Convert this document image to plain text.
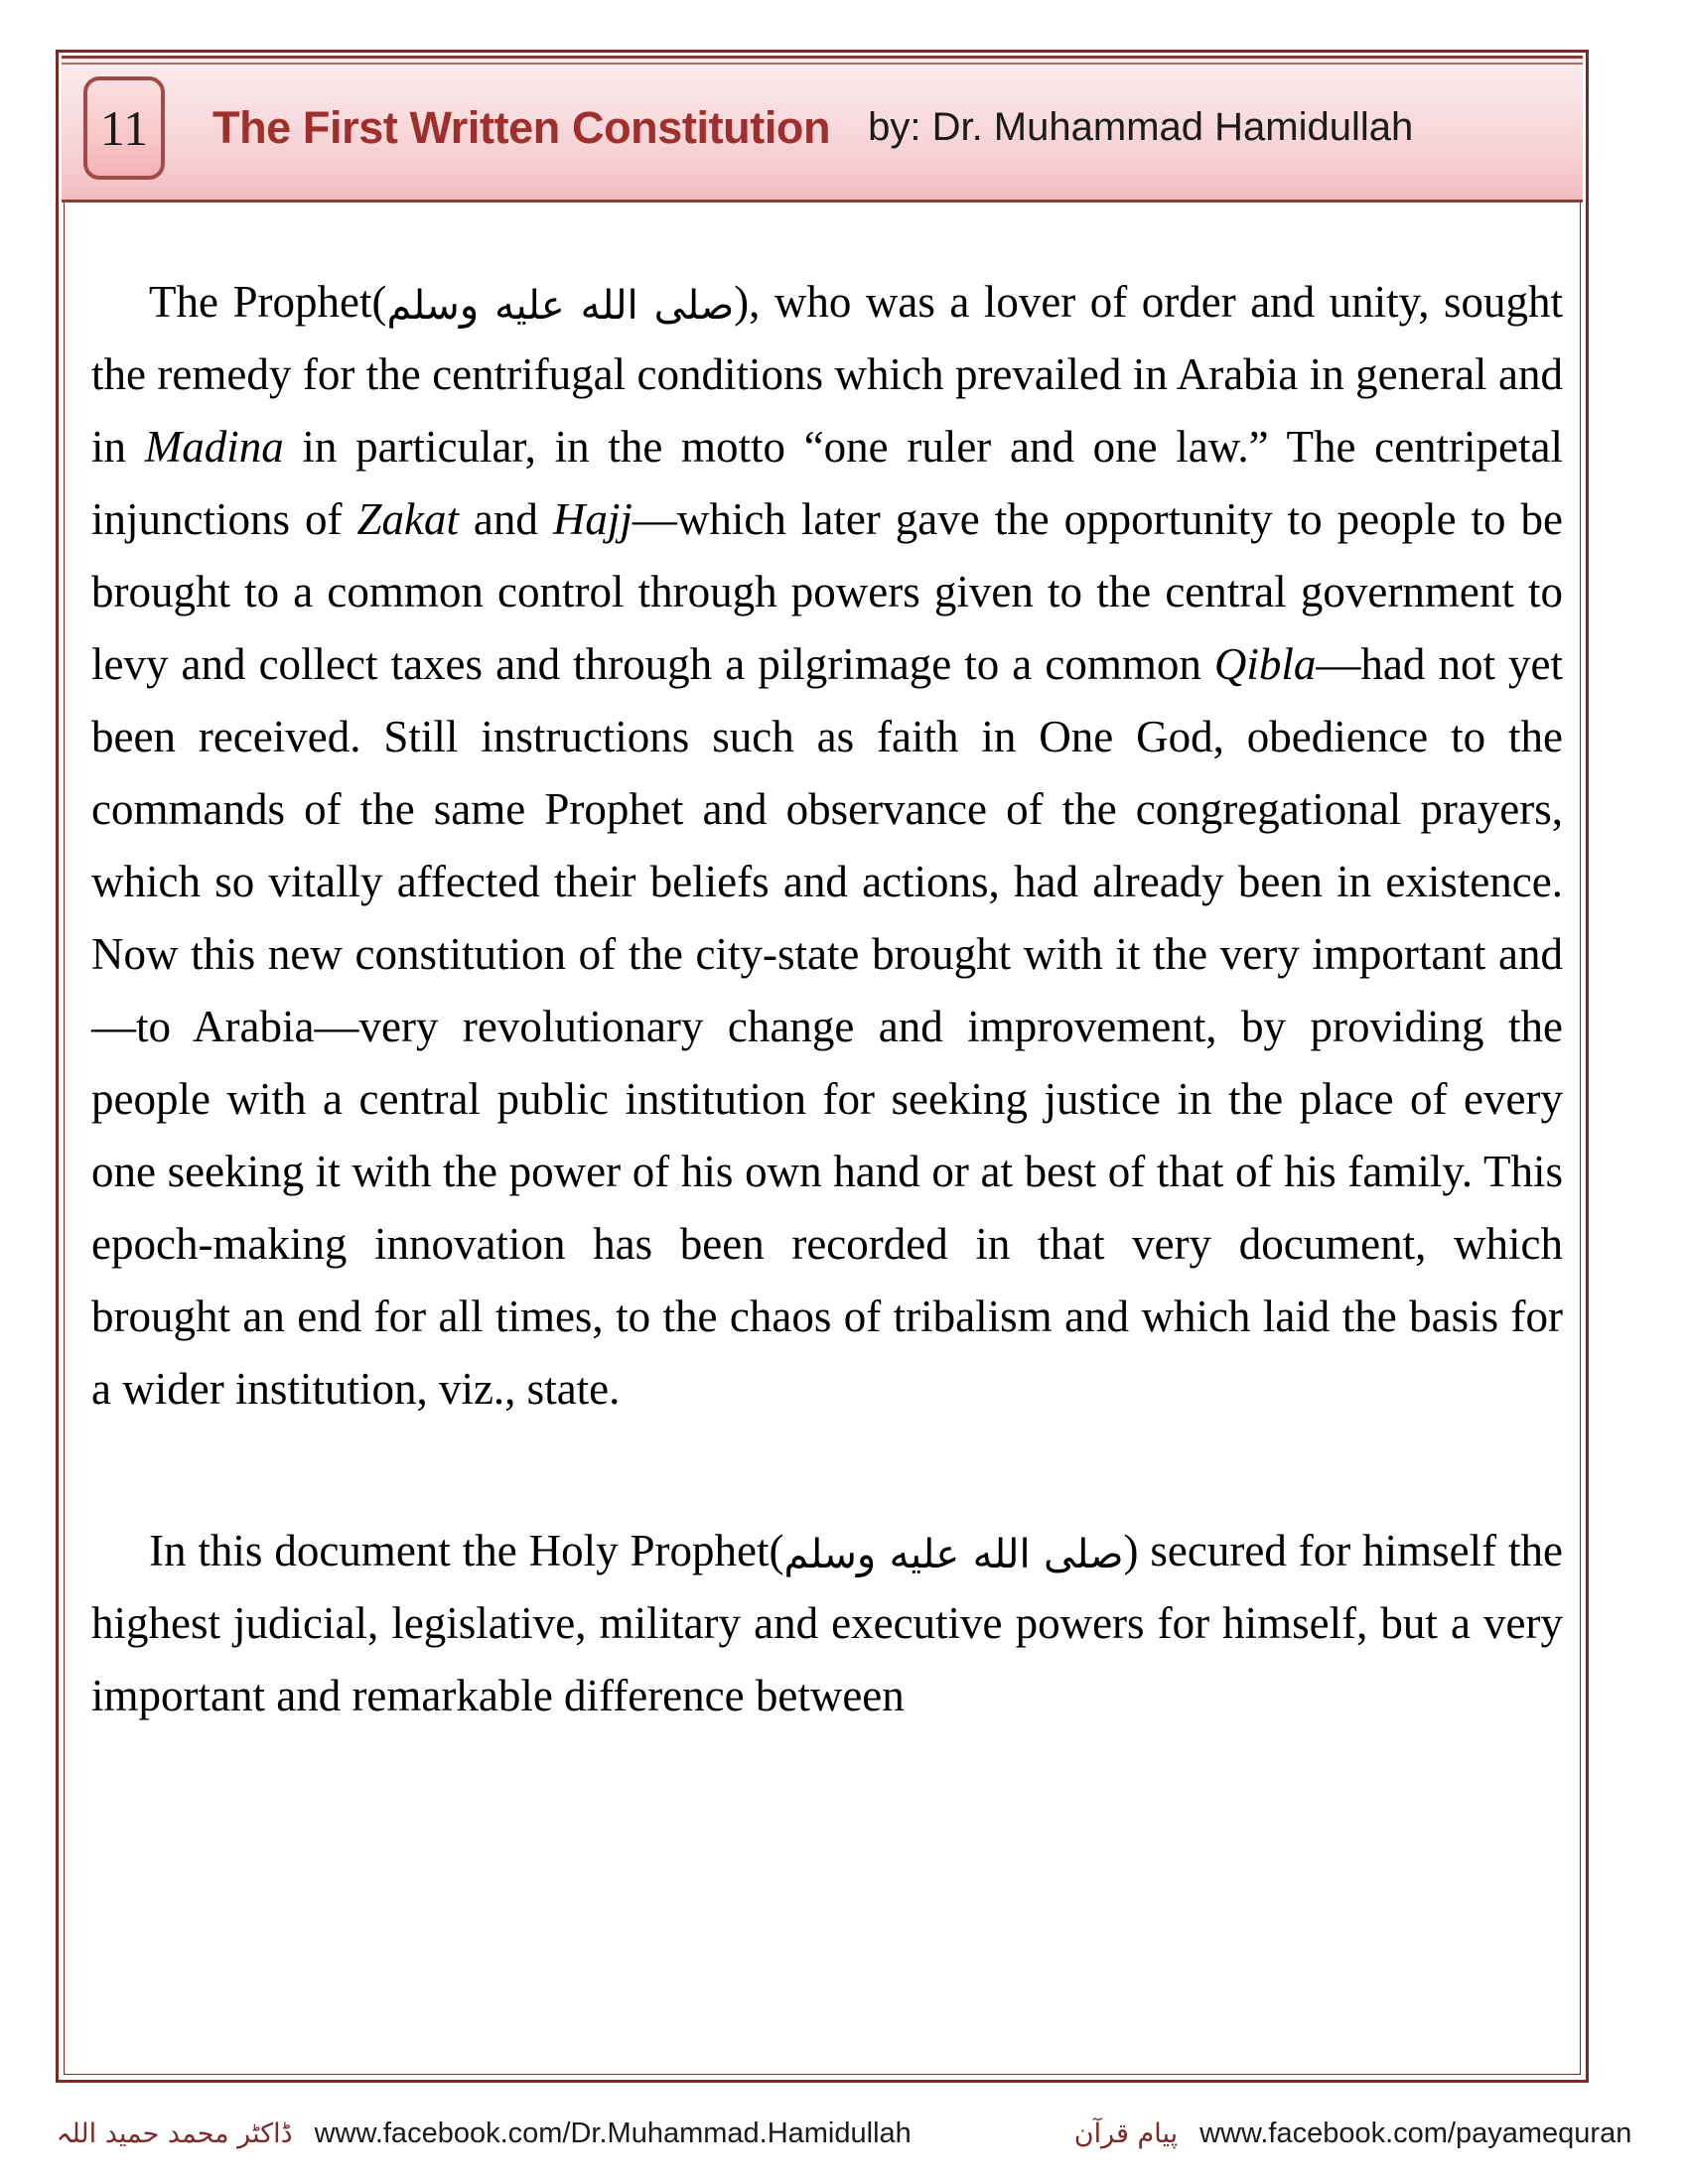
11 The First Written Constitution by: Dr. Muhammad Hamidullah

The Prophet(صلى الله عليه وسلم), who was a lover of order and unity, sought the remedy for the centrifugal conditions which prevailed in Arabia in general and in Madina in particular, in the motto “one ruler and one law.” The centripetal injunctions of Zakat and Hajj—which later gave the opportunity to people to be brought to a common control through powers given to the central government to levy and collect taxes and through a pilgrimage to a common Qibla—had not yet been received. Still instructions such as faith in One God, obedience to the commands of the same Prophet and observance of the congregational prayers, which so vitally affected their beliefs and actions, had already been in existence. Now this new constitution of the city-state brought with it the very important and—to Arabia—very revolutionary change and improvement, by providing the people with a central public institution for seeking justice in the place of every one seeking it with the power of his own hand or at best of that of his family. This epoch-making innovation has been recorded in that very document, which brought an end for all times, to the chaos of tribalism and which laid the basis for a wider institution, viz., state.

In this document the Holy Prophet(صلى الله عليه وسلم) secured for himself the highest judicial, legislative, military and executive powers for himself, but a very important and remarkable difference between

ڈاکٹر محمد حمید اللہ www.facebook.com/Dr.Muhammad.Hamidullah	پیام قرآن www.facebook.com/payamequran
